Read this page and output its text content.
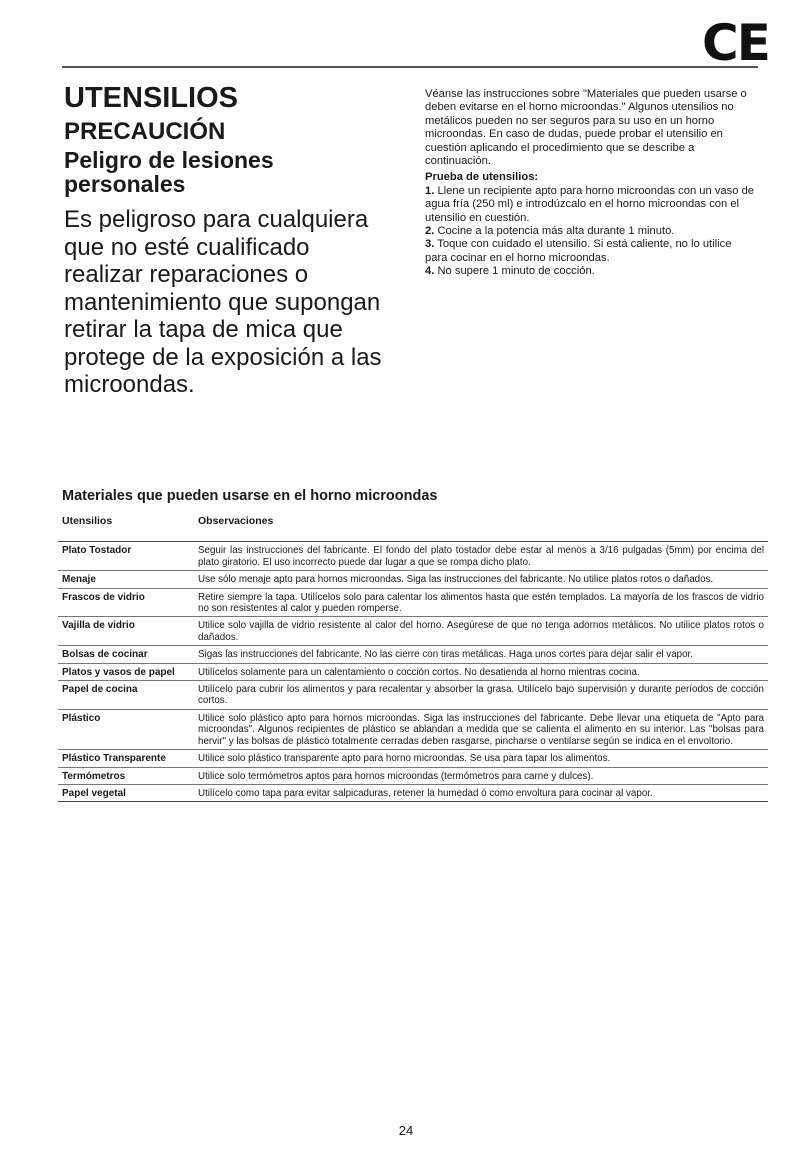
CE
UTENSILIOS
PRECAUCIÓN
Peligro de lesiones personales
Es peligroso para cualquiera que no esté cualificado realizar reparaciones o mantenimiento que supongan retirar la tapa de mica que protege de la exposición a las microondas.

Véanse las instrucciones sobre "Materiales que pueden usarse o deben evitarse en el horno microondas." Algunos utensilios no metálicos pueden no ser seguros para su uso en un horno microondas. En caso de dudas, puede probar el utensilio en cuestión aplicando el procedimiento que se describe a continuación.

Prueba de utensilios:

1. Llene un recipiente apto para horno microondas con un vaso de agua fría (250 ml) e introdúzcalo en el horno microondas con el utensilio en cuestión.

2. Cocine a la potencia más alta durante 1 minuto.

3. Toque con cuidado el utensilio. Si está caliente, no lo utilice para cocinar en el horno microondas.

4. No supere 1 minuto de cocción.

Materiales que pueden usarse en el horno microondas
Utensilios	Observaciones
Plato Tostador	Seguir las instrucciones del fabricante. El fondo del plato tostador debe estar al menos a 3/16 pulgadas (5mm) por encima del plato giratorio. El uso incorrecto puede dar lugar a que se rompa dicho plato.
Menaje	Use sólo menaje apto para hornos microondas. Siga las instrucciones del fabricante. No utilice platos rotos o dañados.
Frascos de vidrio	Retire siempre la tapa. Utilícelos solo para calentar los alimentos hasta que estén templados. La mayoría de los frascos de vidrio no son resistentes al calor y pueden romperse.
Vajilla de vidrio	Utilice solo vajilla de vidrio resistente al calor del horno. Asegúrese de que no tenga adornos metálicos. No utilice platos rotos o dañados.
Bolsas de cocinar	Sigas las instrucciones del fabricante. No las cierre con tiras metálicas. Haga unos cortes para dejar salir el vapor.
Platos y vasos de papel	Utilícelos solamente para un calentamiento o cocción cortos. No desatienda al horno mientras cocina.
Papel de cocina	Utilícelo para cubrir los alimentos y para recalentar y absorber la grasa. Utilícelo bajo supervisión y durante períodos de cocción cortos.
Plástico	Utilice solo plástico apto para hornos microondas. Siga las instrucciones del fabricante. Debe llevar una etiqueta de "Apto para microondas". Algunos recipientes de plástico se ablandan a medida que se calienta el alimento en su interior. Las "bolsas para hervir" y las bolsas de plástico totalmente cerradas deben rasgarse, pincharse o ventilarse según se indica en el envoltorio.
Plástico Transparente	Utilice solo plástico transparente apto para horno microondas. Se usa para tapar los alimentos.
Termómetros	Utilice solo termómetros aptos para hornos microondas (termómetros para carne y dulces).
Papel vegetal	Utilícelo como tapa para evitar salpicaduras, retener la humedad ó como envoltura para cocinar al vapor.
24
